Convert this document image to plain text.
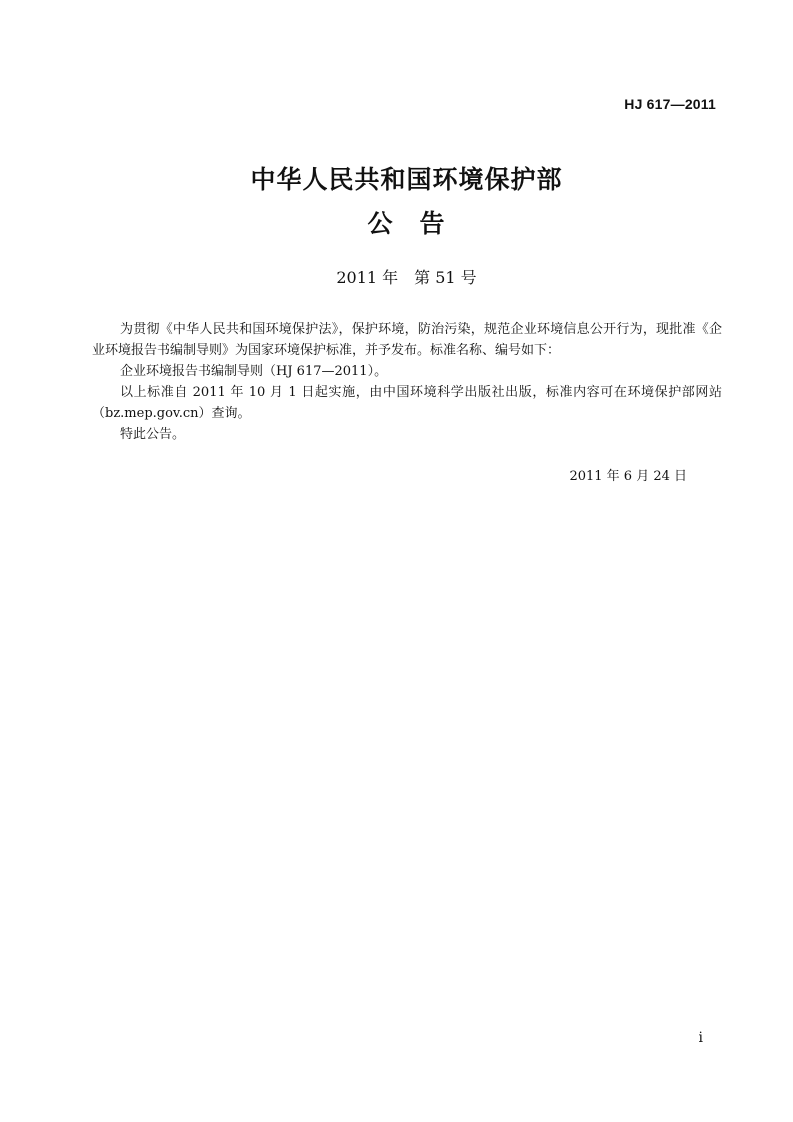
HJ 617—2011
中华人民共和国环境保护部
公　告
2011 年　第 51 号

为贯彻《中华人民共和国环境保护法》，保护环境，防治污染，规范企业环境信息公开行为，现批准《企业环境报告书编制导则》为国家环境保护标准，并予发布。标准名称、编号如下：

企业环境报告书编制导则（HJ 617—2011）。

以上标准自 2011 年 10 月 1 日起实施，由中国环境科学出版社出版，标准内容可在环境保护部网站（bz.mep.gov.cn）查询。

特此公告。

2011 年 6 月 24 日
i
